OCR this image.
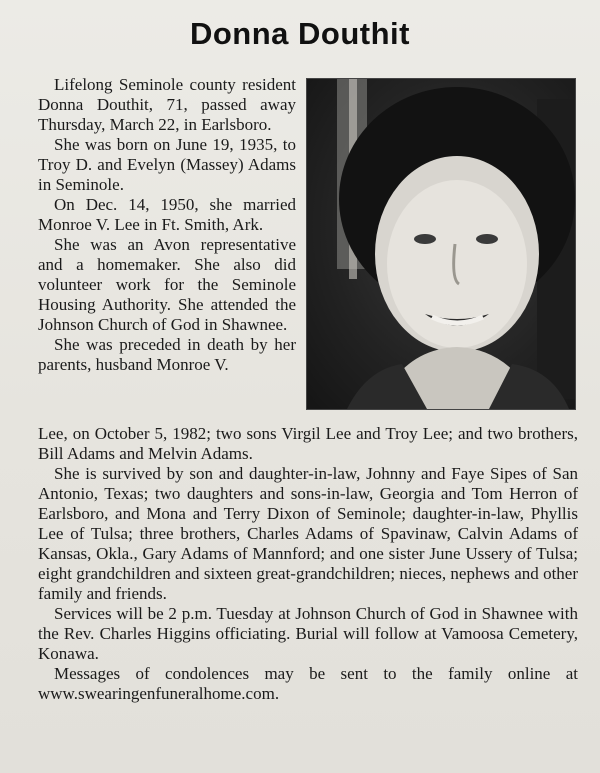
Donna Douthit

Lifelong Seminole county resident Donna Douthit, 71, passed away Thursday, March 22, in Earlsboro.

She was born on June 19, 1935, to Troy D. and Evelyn (Massey) Adams in Seminole.

On Dec. 14, 1950, she married Monroe V. Lee in Ft. Smith, Ark.

She was an Avon representative and a homemaker. She also did volunteer work for the Seminole Housing Authority. She attended the Johnson Church of God in Shawnee.

She was preceded in death by her parents, husband Monroe V.

Lee, on October 5, 1982; two sons Virgil Lee and Troy Lee; and two brothers, Bill Adams and Melvin Adams.

She is survived by son and daughter-in-law, Johnny and Faye Sipes of San Antonio, Texas; two daughters and sons-in-law, Georgia and Tom Herron of Earlsboro, and Mona and Terry Dixon of Seminole; daughter-in-law, Phyllis Lee of Tulsa; three brothers, Charles Adams of Spavinaw, Calvin Adams of Kansas, Okla., Gary Adams of Mannford; and one sister June Ussery of Tulsa; eight grandchildren and sixteen great-grandchildren; nieces, nephews and other family and friends.

Services will be 2 p.m. Tuesday at Johnson Church of God in Shawnee with the Rev. Charles Higgins officiating. Burial will follow at Vamoosa Cemetery, Konawa.

Messages of condolences may be sent to the family online at www.swearingenfuneralhome.com.
